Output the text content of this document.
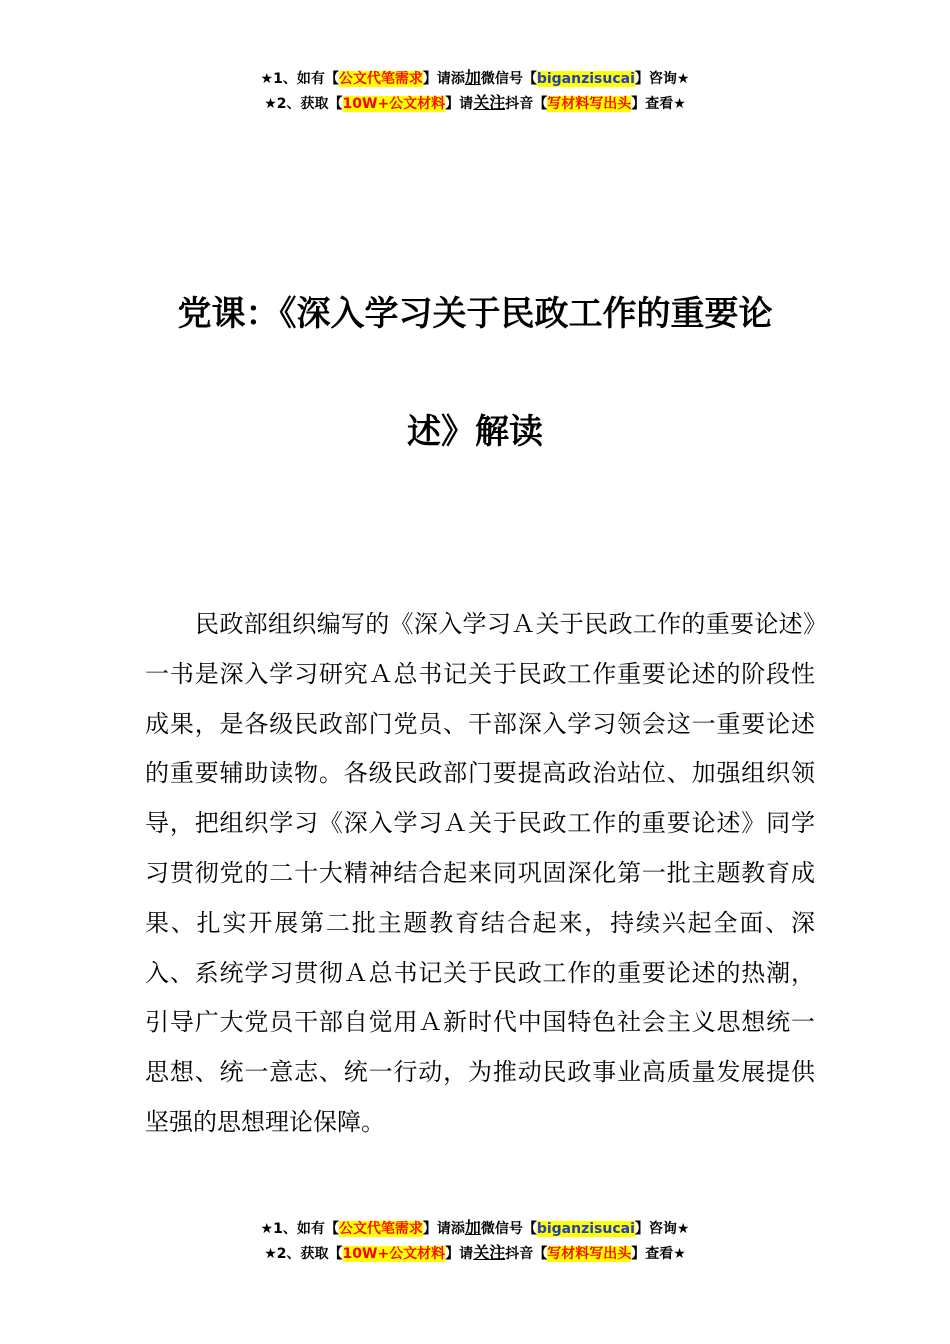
★1、如有【公文代笔需求】请添加微信号【biganzisucai】咨询★
★2、获取【10W+公文材料】请关注抖音【写材料写出头】查看★
党课：《深入学习关于民政工作的重要论
述》解读

民政部组织编写的《深入学习Ａ关于民政工作的重要论述》一书是深入学习研究Ａ总书记关于民政工作重要论述的阶段性成果，是各级民政部门党员、干部深入学习领会这一重要论述的重要辅助读物。各级民政部门要提高政治站位、加强组织领导，把组织学习《深入学习Ａ关于民政工作的重要论述》同学习贯彻党的二十大精神结合起来同巩固深化第一批主题教育成果、扎实开展第二批主题教育结合起来，持续兴起全面、深入、系统学习贯彻Ａ总书记关于民政工作的重要论述的热潮，引导广大党员干部自觉用Ａ新时代中国特色社会主义思想统一思想、统一意志、统一行动，为推动民政事业高质量发展提供坚强的思想理论保障。

★1、如有【公文代笔需求】请添加微信号【biganzisucai】咨询★
★2、获取【10W+公文材料】请关注抖音【写材料写出头】查看★
